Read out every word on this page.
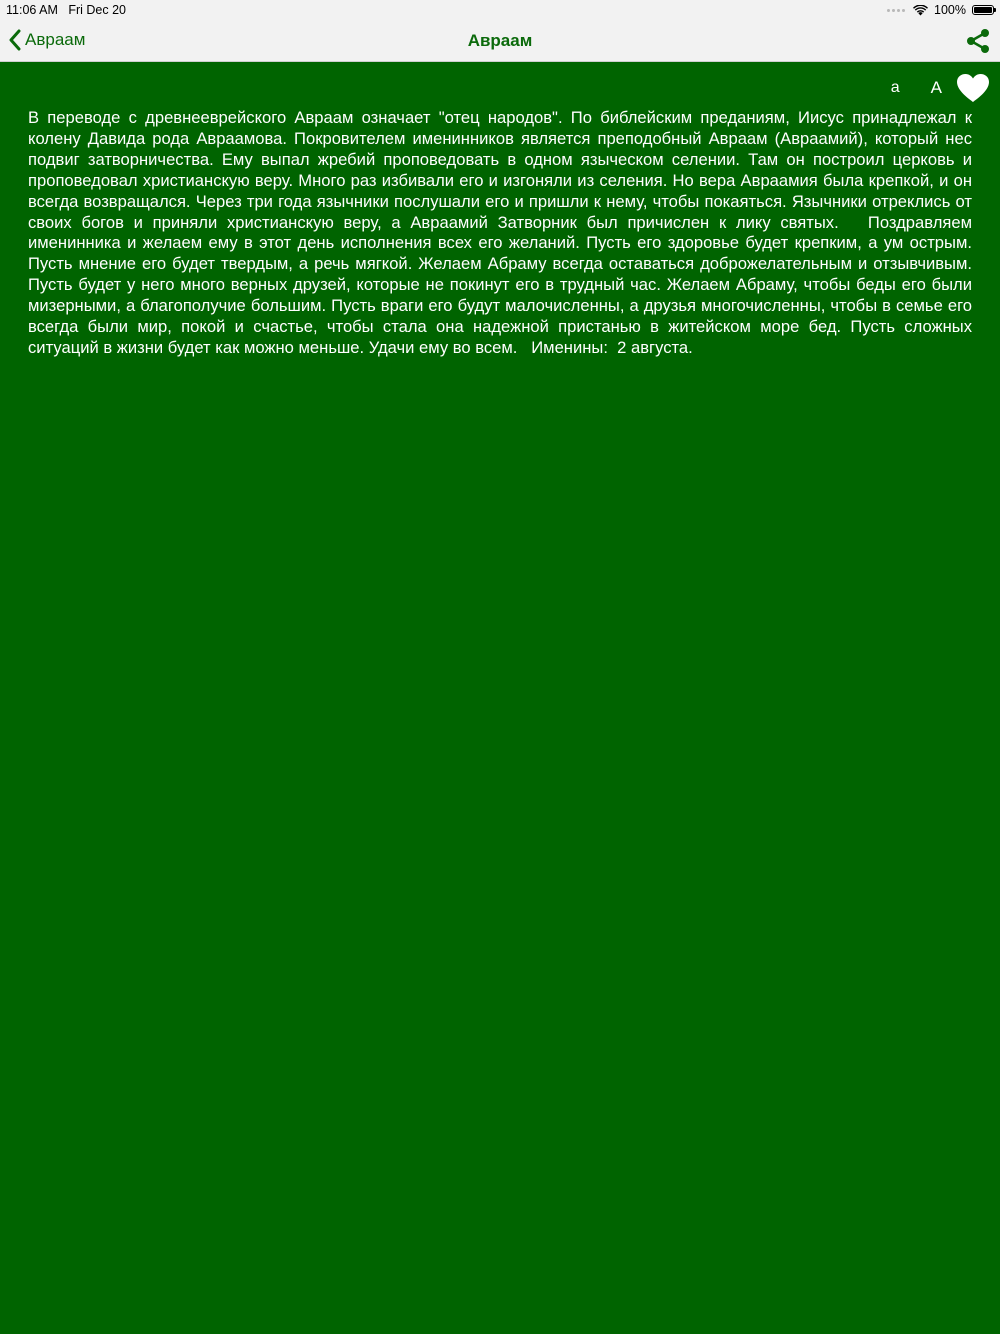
11:06 AM Fri Dec 20	100%
Авраам	Авраам
a A

В переводе с древнееврейского Авраам означает "отец народов". По библейским преданиям, Иисус принадлежал к колену Давида рода Авраамова. Покровителем именинников является преподобный Авраам (Авраамий), который нес подвиг затворничества. Ему выпал жребий проповедовать в одном языческом селении. Там он построил церковь и проповедовал христианскую веру. Много раз избивали его и изгоняли из селения. Но вера Авраамия была крепкой, и он всегда возвращался. Через три года язычники послушали его и пришли к нему, чтобы покаяться. Язычники отреклись от своих богов и приняли христианскую веру, а Авраамий Затворник был причислен к лику святых.   Поздравляем именинника и желаем ему в этот день исполнения всех его желаний. Пусть его здоровье будет крепким, а ум острым. Пусть мнение его будет твердым, а речь мягкой. Желаем Абраму всегда оставаться доброжелательным и отзывчивым. Пусть будет у него много верных друзей, которые не покинут его в трудный час. Желаем Абраму, чтобы беды его были мизерными, а благополучие большим. Пусть враги его будут малочисленны, а друзья многочисленны, чтобы в семье его всегда были мир, покой и счастье, чтобы стала она надежной пристанью в житейском море бед. Пусть сложных ситуаций в жизни будет как можно меньше. Удачи ему во всем.   Именины:  2 августа.
